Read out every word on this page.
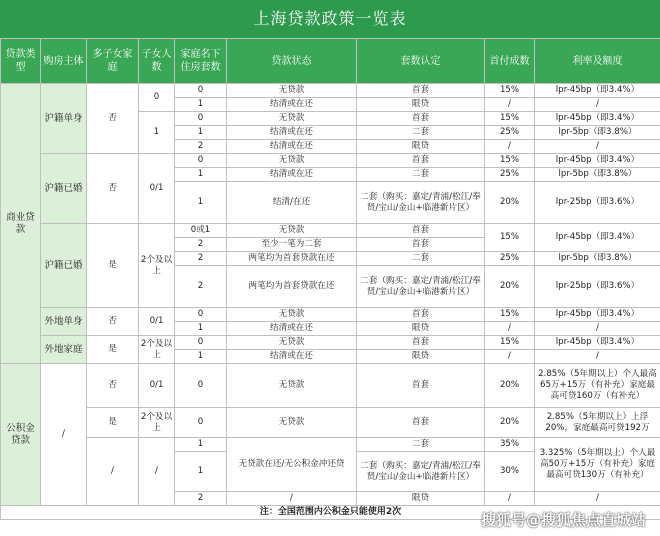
上海贷款政策一览表
贷款类型	购房主体	多子女家庭	子女人数	家庭名下住房套数	贷款状态	套数认定	首付成数	利率及额度
商业贷款	沪籍单身	否	0	0	无贷款	首套	15%	lpr-45bp（即3.4%）
				1	结清或在还	限贷	/	/
			1	0	无贷款	首套	15%	lpr-45bp（即3.4%）
				1	结清或在还	二套	25%	lpr-5bp（即3.8%）
				2	结清或在还	限贷	/	/
	沪籍已婚	否	0/1	0	无贷款	首套	15%	lpr-45bp（即3.4%）
				1	结清或在还	二套	25%	lpr-5bp（即3.8%）
				1	结清/在还	二套（购买：嘉定/青浦/松江/奉贤/宝山/金山+临港新片区）	20%	lpr-25bp（即3.6%）
	沪籍已婚	是	2个及以上	0或1	无贷款	首套	15%	lpr-45bp（即3.4%）
				2	至少一笔为二套	首套		
				2	两笔均为首套贷款在还	二套	25%	lpr-5bp（即3.8%）
				2	两笔均为首套贷款在还	二套（购买：嘉定/青浦/松江/奉贤/宝山/金山+临港新片区）	20%	lpr-25bp（即3.6%）
	外地单身	否	0/1	0	无贷款	首套	15%	lpr-45bp（即3.4%）
				1	结清或在还	限贷	/	/
	外地家庭	是	2个及以上	0	无贷款	首套	15%	lpr-45bp（即3.4%）
				1	结清或在还	限贷	/	/
公积金贷款	/	否	0/1	0	无贷款	首套	20%	2.85%（5年期以上）个人最高65万+15万（有补充）家庭最高可贷160万（有补充）
		是	2个及以上	0	无贷款	首套	20%	2.85%（5年期以上）上浮20%，家庭最高可贷192万
		/	/	1	无贷款在还/无公积金冲还贷	二套	35%	3.325%（5年期以上）个人最高50万+15万（有补充）家庭最高可贷130万（有补充）
				1		二套（购买：嘉定/青浦/松江/奉贤/宝山/金山+临港新片区）	30%	
				2	/	限贷	/	/
注：全国范围内公积金只能使用2次									搜狐号@搜狐焦点直城站
